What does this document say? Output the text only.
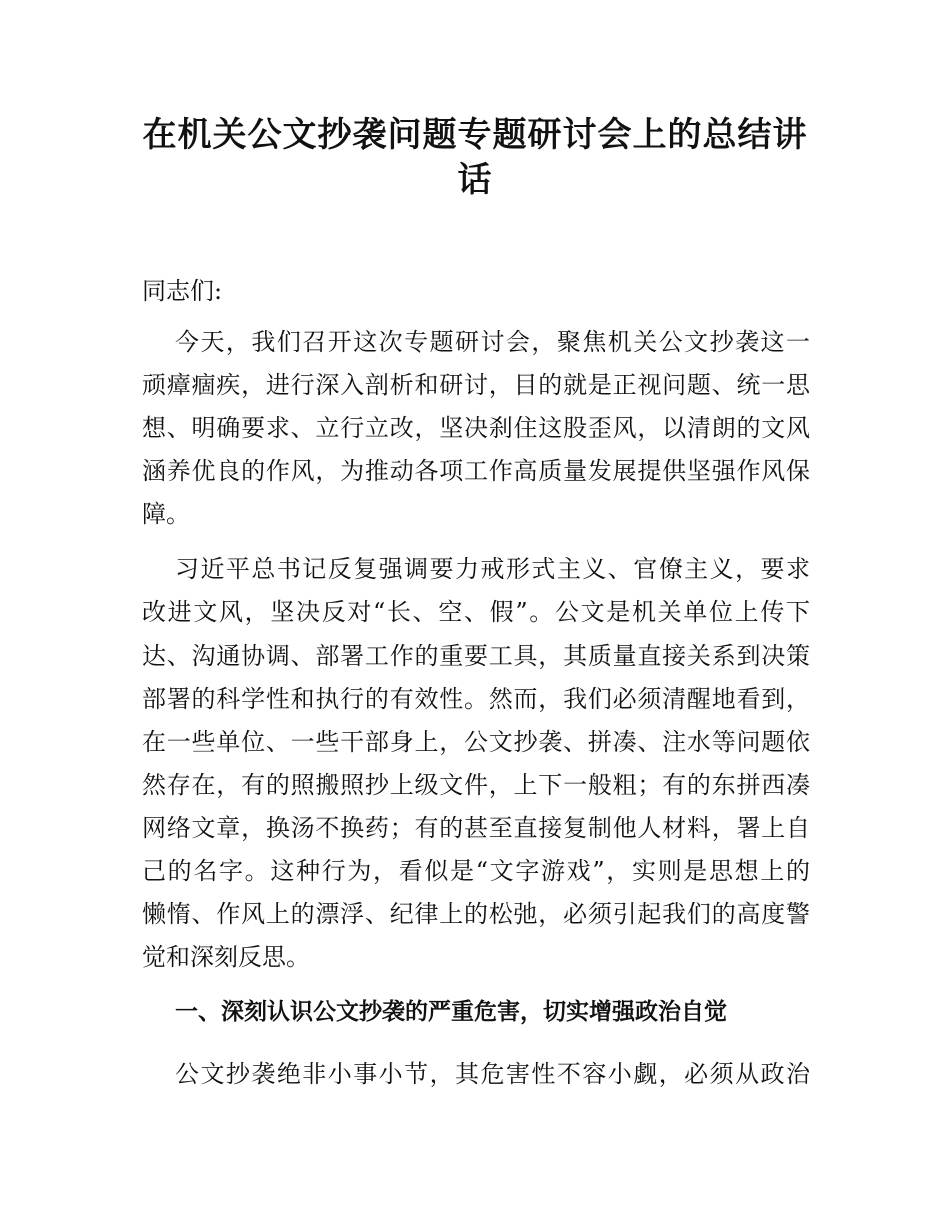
在机关公文抄袭问题专题研讨会上的总结讲
话
同志们:
今天，我们召开这次专题研讨会，聚焦机关公文抄袭这一
顽瘴痼疾，进行深入剖析和研讨，目的就是正视问题、统一思
想、明确要求、立行立改，坚决刹住这股歪风，以清朗的文风
涵养优良的作风，为推动各项工作高质量发展提供坚强作风保
障。
习近平总书记反复强调要力戒形式主义、官僚主义，要求
改进文风，坚决反对“长、空、假”。公文是机关单位上传下
达、沟通协调、部署工作的重要工具，其质量直接关系到决策
部署的科学性和执行的有效性。然而，我们必须清醒地看到，
在一些单位、一些干部身上，公文抄袭、拼凑、注水等问题依
然存在，有的照搬照抄上级文件，上下一般粗；有的东拼西凑
网络文章，换汤不换药；有的甚至直接复制他人材料，署上自
己的名字。这种行为，看似是“文字游戏”，实则是思想上的
懒惰、作风上的漂浮、纪律上的松弛，必须引起我们的高度警
觉和深刻反思。
公文抄袭绝非小事小节，其危害性不容小觑，必须从政治
一、深刻认识公文抄袭的严重危害，切实增强政治自觉
